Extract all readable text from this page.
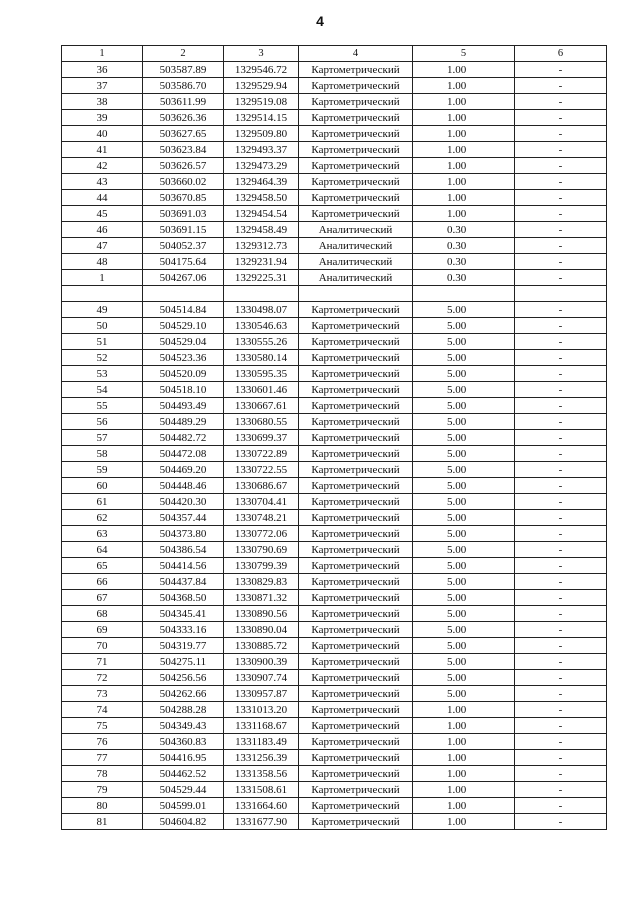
4
1	2	3	4	5	6
36	503587.89	1329546.72	Картометрический	1.00	-
37	503586.70	1329529.94	Картометрический	1.00	-
38	503611.99	1329519.08	Картометрический	1.00	-
39	503626.36	1329514.15	Картометрический	1.00	-
40	503627.65	1329509.80	Картометрический	1.00	-
41	503623.84	1329493.37	Картометрический	1.00	-
42	503626.57	1329473.29	Картометрический	1.00	-
43	503660.02	1329464.39	Картометрический	1.00	-
44	503670.85	1329458.50	Картометрический	1.00	-
45	503691.03	1329454.54	Картометрический	1.00	-
46	503691.15	1329458.49	Аналитический	0.30	-
47	504052.37	1329312.73	Аналитический	0.30	-
48	504175.64	1329231.94	Аналитический	0.30	-
1	504267.06	1329225.31	Аналитический	0.30	-

49	504514.84	1330498.07	Картометрический	5.00	-
50	504529.10	1330546.63	Картометрический	5.00	-
51	504529.04	1330555.26	Картометрический	5.00	-
52	504523.36	1330580.14	Картометрический	5.00	-
53	504520.09	1330595.35	Картометрический	5.00	-
54	504518.10	1330601.46	Картометрический	5.00	-
55	504493.49	1330667.61	Картометрический	5.00	-
56	504489.29	1330680.55	Картометрический	5.00	-
57	504482.72	1330699.37	Картометрический	5.00	-
58	504472.08	1330722.89	Картометрический	5.00	-
59	504469.20	1330722.55	Картометрический	5.00	-
60	504448.46	1330686.67	Картометрический	5.00	-
61	504420.30	1330704.41	Картометрический	5.00	-
62	504357.44	1330748.21	Картометрический	5.00	-
63	504373.80	1330772.06	Картометрический	5.00	-
64	504386.54	1330790.69	Картометрический	5.00	-
65	504414.56	1330799.39	Картометрический	5.00	-
66	504437.84	1330829.83	Картометрический	5.00	-
67	504368.50	1330871.32	Картометрический	5.00	-
68	504345.41	1330890.56	Картометрический	5.00	-
69	504333.16	1330890.04	Картометрический	5.00	-
70	504319.77	1330885.72	Картометрический	5.00	-
71	504275.11	1330900.39	Картометрический	5.00	-
72	504256.56	1330907.74	Картометрический	5.00	-
73	504262.66	1330957.87	Картометрический	5.00	-
74	504288.28	1331013.20	Картометрический	1.00	-
75	504349.43	1331168.67	Картометрический	1.00	-
76	504360.83	1331183.49	Картометрический	1.00	-
77	504416.95	1331256.39	Картометрический	1.00	-
78	504462.52	1331358.56	Картометрический	1.00	-
79	504529.44	1331508.61	Картометрический	1.00	-
80	504599.01	1331664.60	Картометрический	1.00	-
81	504604.82	1331677.90	Картометрический	1.00	-
